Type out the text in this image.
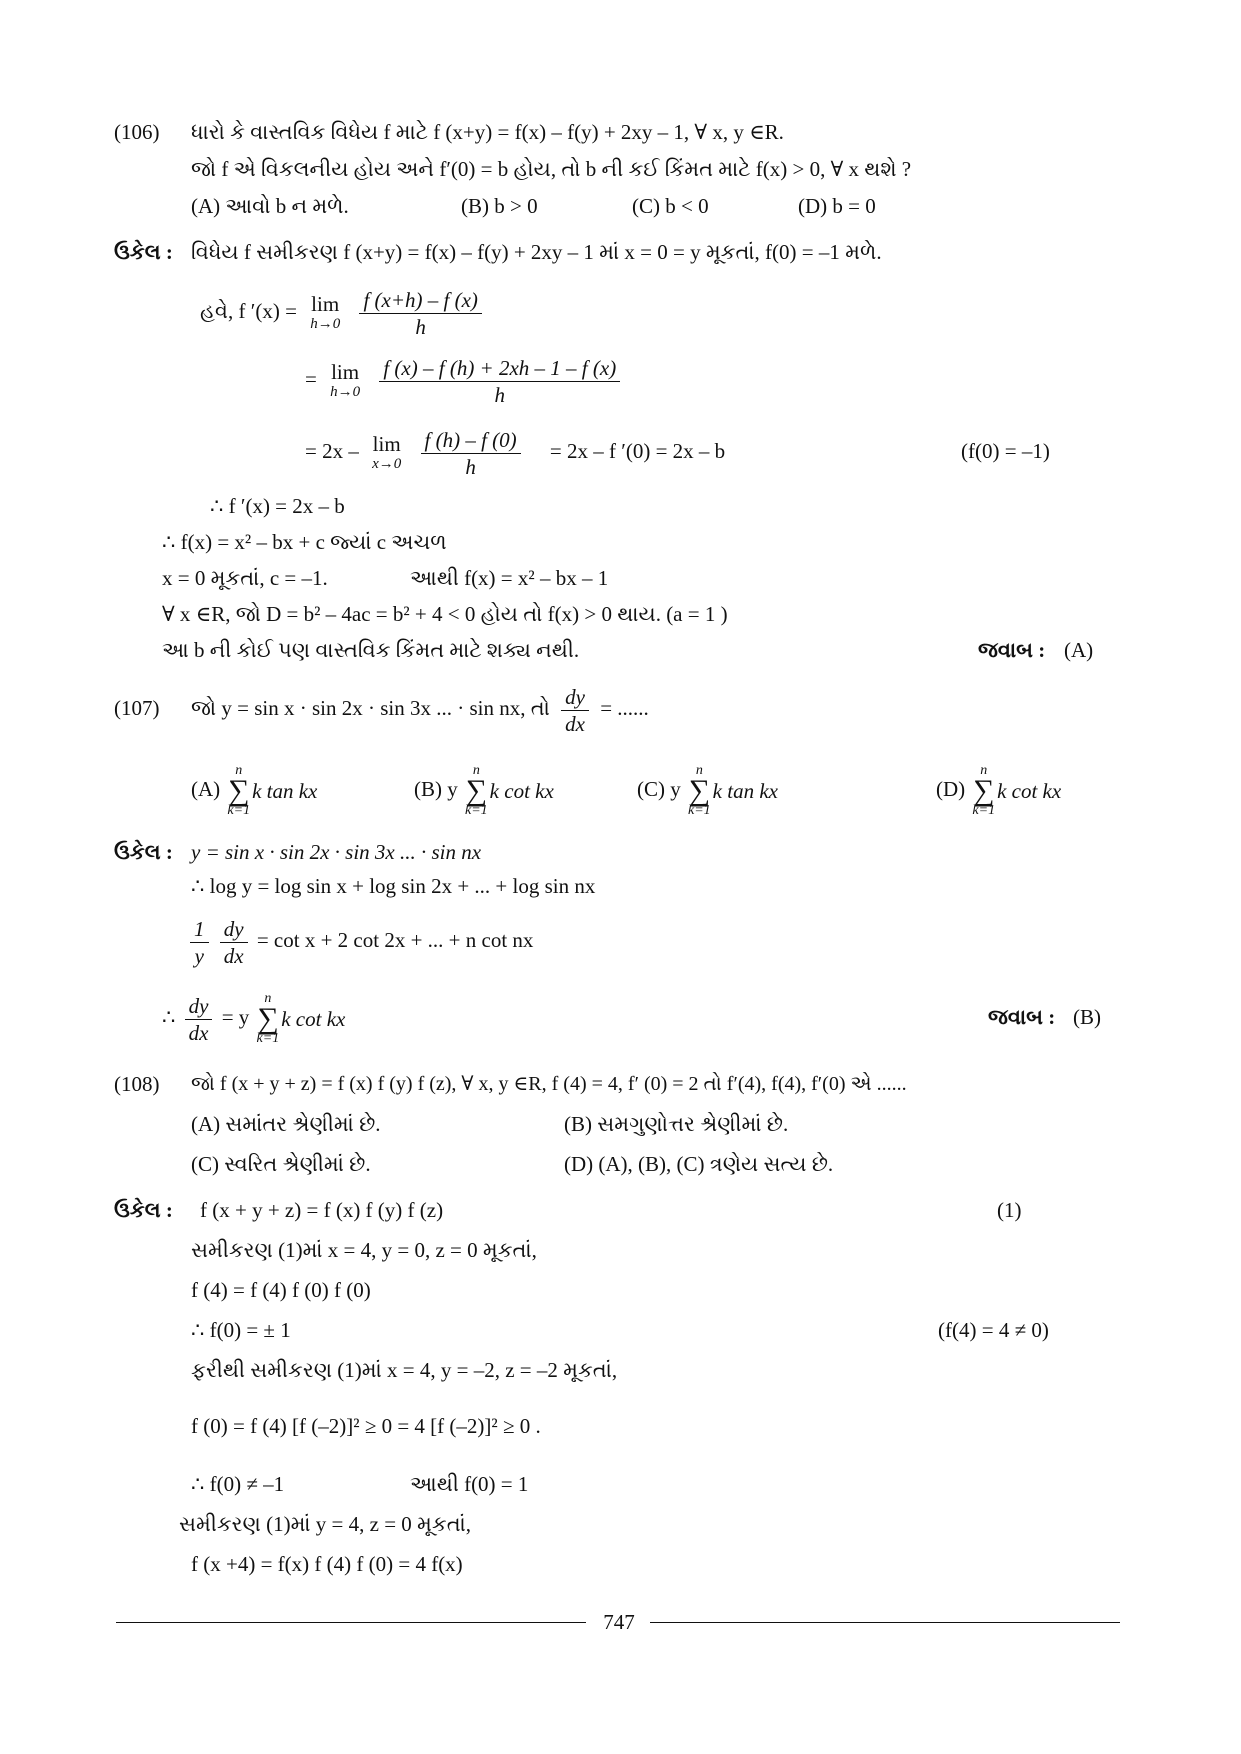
(106) ધારો કે વાસ્તવિક વિધેય f માટે f (x+y) = f(x) – f(y) + 2xy – 1, ∀ x, y ∈R.
જો f એ વિકલનીય હોય અને f′(0) = b હોય, તો b ની કઈ કિંમત માટે f(x) > 0, ∀ x થશે ?
(A) આવો b ન મળે.	(B) b > 0	(C) b < 0	(D) b = 0
ઉકેલ : વિધેય f સમીકરણ f (x+y) = f(x) – f(y) + 2xy – 1 માં x = 0 = y મૂકતાં, f(0) = –1 મળે.
હવે, f ′(x) = lim
h→0
$\frac{f (x+h) - f (x)}{h}$
= lim
h→0
$\frac{f (x) - f (h) + 2xh - 1 - f (x)}{h}$
= 2x – lim
x→0
$\frac{f (h) - f (0)}{h} = 2x - f$ ′(0) = 2x – b	(f(0) = –1)
∴ f ′(x) = 2x – b
∴ f(x) = x² – bx + c જ્યાં c અચળ
x = 0 મૂકતાં, c = –1.	આથી f(x) = x² – bx – 1
∀ x ∈R, જો D = b² – 4ac = b² + 4 < 0 હોય તો f(x) > 0 થાય. (a = 1 )
આ b ની કોઈ પણ વાસ્તવિક કિંમત માટે શક્ય નથી.	જવાબ : (A)
(107) જો y = sin x · sin 2x · sin 3x ... · sin nx, તો $\frac{dy}{dx}$ = ......
(A)
n
∑
k=1
k tan kx	(B) y
n
∑
k=1
k cot kx	(C) y
n
∑
k=1
k tan kx	(D)
n
∑
k=1
k cot kx
ઉકેલ : y = sin x · sin 2x · sin 3x ... · sin nx
∴ log y = log sin x + log sin 2x + ... + log sin nx
$\frac{1}{y}$
$\frac{dy}{dx} = \cot x + 2$ cot 2x + ... + n cot nx
∴ $\frac{dy}{dx} = y$
n
∑
k=1
k cot kx	જવાબ : (B)
(108) જો f (x + y + z) = f (x) f (y) f (z), ∀ x, y ∈R, f (4) = 4, f′ (0) = 2 તો f′(4), f(4), f′(0) એ ......
(A) સમાંતર શ્રેણીમાં છે.	(B) સમગુણોત્તર શ્રેણીમાં છે.
(C) સ્વરિત શ્રેણીમાં છે.	(D) (A), (B), (C) ત્રણેય સત્ય છે.
ઉકેલ : f (x + y + z) = f (x) f (y) f (z)	(1)
સમીકરણ (1)માં x = 4, y = 0, z = 0 મૂકતાં,
f (4) = f (4) f (0) f (0)
∴ f(0) = ± 1	(f(4) = 4 ≠ 0)
ફરીથી સમીકરણ (1)માં x = 4, y = –2, z = –2 મૂકતાં,
f (0) = f (4) [f (–2)]² ≥ 0 = 4 [f (–2)]² ≥ 0 .
∴ f(0) ≠ –1	આથી f(0) = 1
સમીકરણ (1)માં y = 4, z = 0 મૂકતાં,
f (x +4) = f(x) f (4) f (0) = 4 f(x)
747
